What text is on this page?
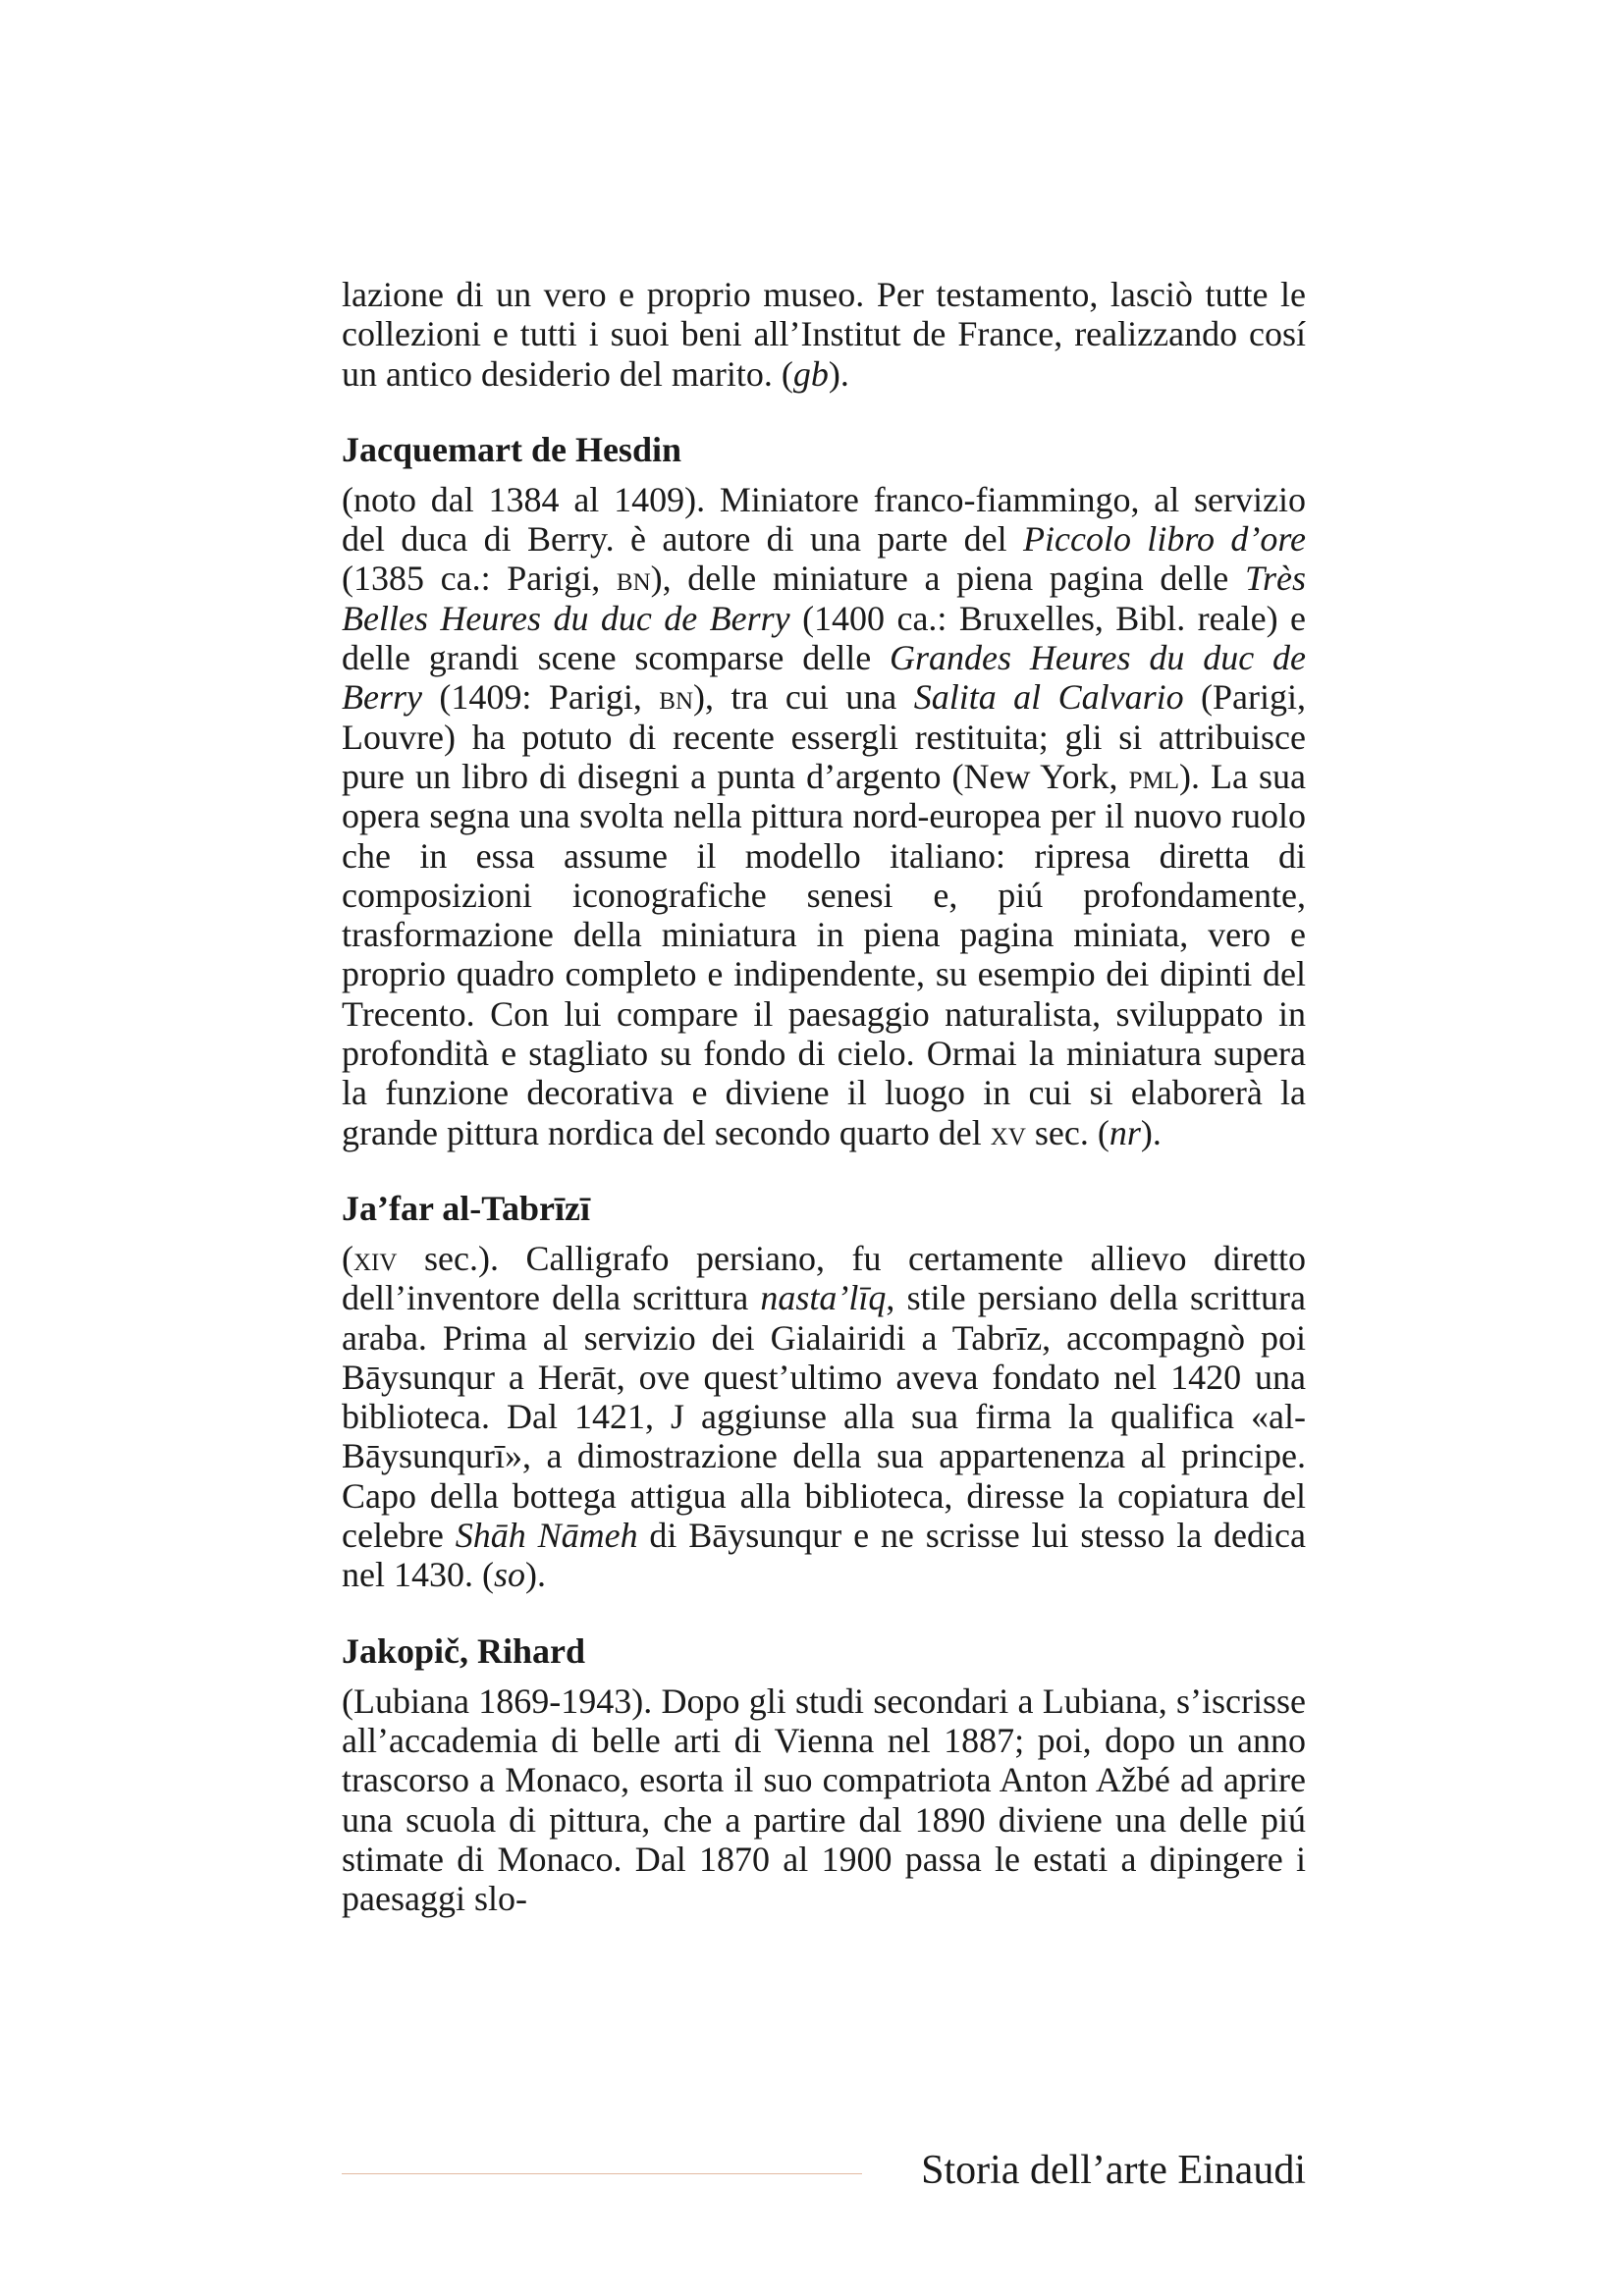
lazione di un vero e proprio museo. Per testamento, lasciò tutte le collezioni e tutti i suoi beni all’Institut de France, realizzando cosí un antico desiderio del marito. (gb).

Jacquemart de Hesdin

(noto dal 1384 al 1409). Miniatore franco-fiammingo, al servizio del duca di Berry. è autore di una parte del Piccolo libro d’ore (1385 ca.: Parigi, bn), delle miniature a piena pagina delle Très Belles Heures du duc de Berry (1400 ca.: Bruxelles, Bibl. reale) e delle grandi scene scomparse delle Grandes Heures du duc de Berry (1409: Parigi, bn), tra cui una Salita al Calvario (Parigi, Louvre) ha potuto di recente essergli restituita; gli si attribuisce pure un libro di disegni a punta d’argento (New York, pml). La sua opera segna una svolta nella pittura nord-europea per il nuovo ruolo che in essa assume il modello italiano: ripresa diretta di composizioni iconografiche senesi e, piú profondamente, trasformazione della miniatura in piena pagina miniata, vero e proprio quadro completo e indipendente, su esempio dei dipinti del Trecento. Con lui compare il paesaggio naturalista, sviluppato in profondità e stagliato su fondo di cielo. Ormai la miniatura supera la funzione decorativa e diviene il luogo in cui si elaborerà la grande pittura nordica del secondo quarto del xv sec. (nr).

Ja’far al-Tabrīzī

(xiv sec.). Calligrafo persiano, fu certamente allievo diretto dell’inventore della scrittura nasta’līq, stile persiano della scrittura araba. Prima al servizio dei Gialairidi a Tabrīz, accompagnò poi Bāysunqur a Herāt, ove quest’ultimo aveva fondato nel 1420 una biblioteca. Dal 1421, J aggiunse alla sua firma la qualifica «al-Bāysunqurī», a dimostrazione della sua appartenenza al principe. Capo della bottega attigua alla biblioteca, diresse la copiatura del celebre Shāh Nāmeh di Bāysunqur e ne scrisse lui stesso la dedica nel 1430. (so).

Jakopič, Rihard

(Lubiana 1869-1943). Dopo gli studi secondari a Lubiana, s’iscrisse all’accademia di belle arti di Vienna nel 1887; poi, dopo un anno trascorso a Monaco, esorta il suo compatriota Anton Ažbé ad aprire una scuola di pittura, che a partire dal 1890 diviene una delle piú stimate di Monaco. Dal 1870 al 1900 passa le estati a dipingere i paesaggi slo-

Storia dell’arte Einaudi
